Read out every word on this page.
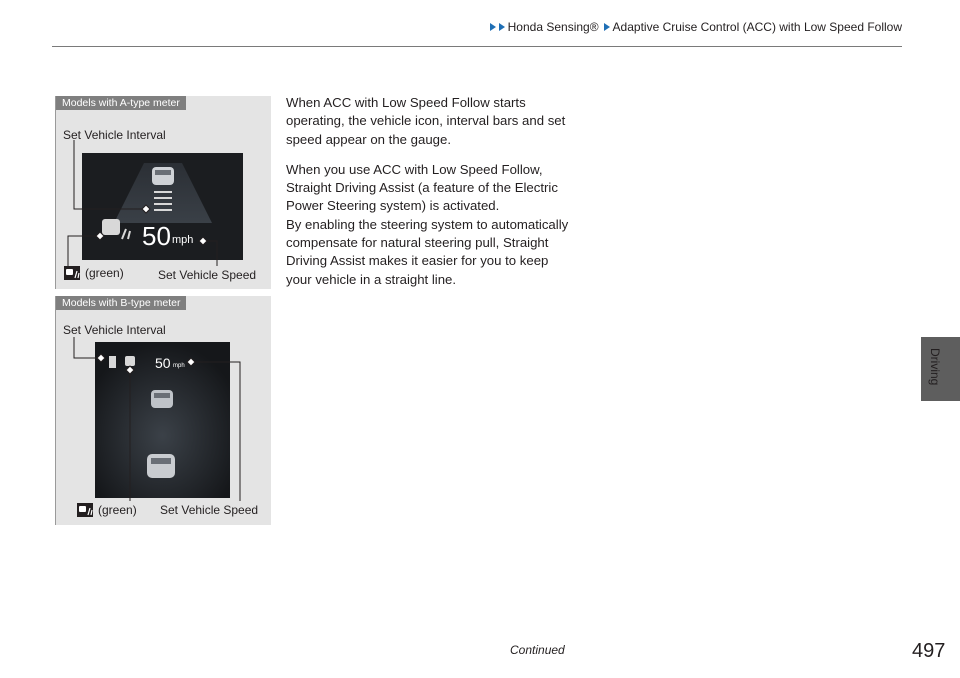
Honda Sensing® Adaptive Cruise Control (ACC) with Low Speed Follow
Driving

When ACC with Low Speed Follow starts operating, the vehicle icon, interval bars and set speed appear on the gauge.

When you use ACC with Low Speed Follow, Straight Driving Assist (a feature of the Electric Power Steering system) is activated.

By enabling the steering system to automatically compensate for natural steering pull, Straight Driving Assist makes it easier for you to keep your vehicle in a straight line.

Models with A-type meter
Set Vehicle Interval
50 mph
(green)	Set Vehicle Speed
Models with B-type meter
Set Vehicle Interval
50 mph
(green) Set Vehicle Speed
Continued	497
